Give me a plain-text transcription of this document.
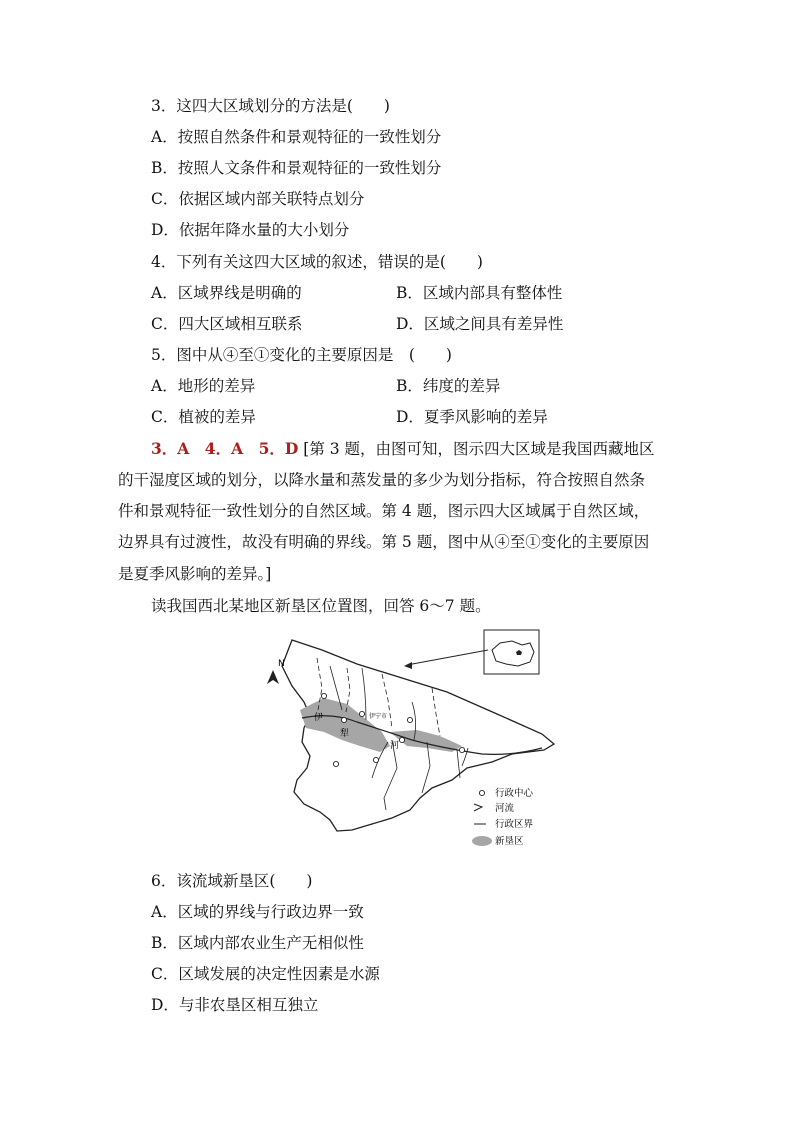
3．这四大区域划分的方法是(　　)
A．按照自然条件和景观特征的一致性划分
B．按照人文条件和景观特征的一致性划分
C．依据区域内部关联特点划分
D．依据年降水量的大小划分
4．下列有关这四大区域的叙述，错误的是(　　)
A．区域界线是明确的	B．区域内部具有整体性
C．四大区域相互联系	D．区域之间具有差异性
5．图中从④至①变化的主要原因是　(　　)
A．地形的差异	B．纬度的差异
C．植被的差异	D．夏季风影响的差异
3．A　4．A　5．D [第 3 题，由图可知，图示四大区域是我国西藏地区
的干湿度区域的划分，以降水量和蒸发量的多少为划分指标，符合按照自然条
件和景观特征一致性划分的自然区域。第 4 题，图示四大区域属于自然区域，
边界具有过渡性，故没有明确的界线。第 5 题，图中从④至①变化的主要原因
是夏季风影响的差异。]
读我国西北某地区新垦区位置图，回答 6～7 题。
N
伊
犁
河
伊宁市
行政中心
河流
行政区界
新垦区
6．该流域新垦区(　　)
A．区域的界线与行政边界一致
B．区域内部农业生产无相似性
C．区域发展的决定性因素是水源
D．与非农垦区相互独立
